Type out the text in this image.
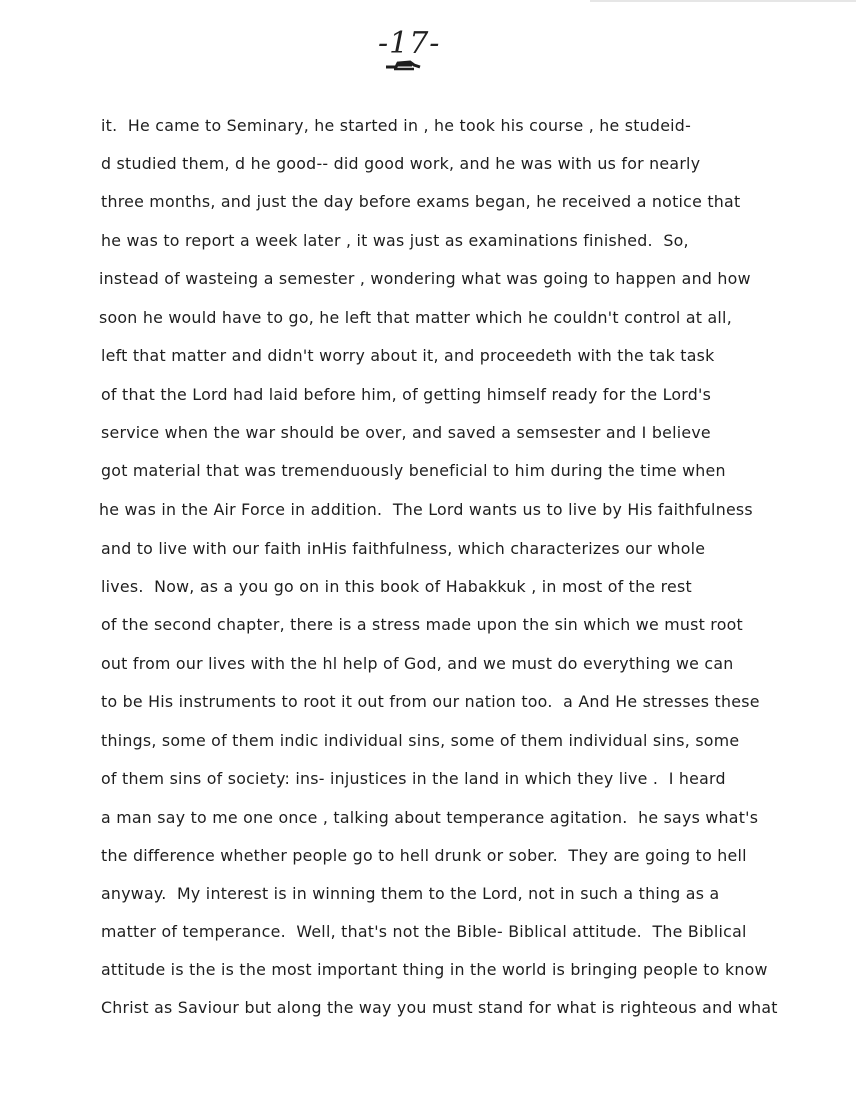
-17-
it.  He came to Seminary, he started in , he took his course , he studeid-
d studied them, d he good-- did good work, and he was with us for nearly
three months, and just the day before exams began, he received a notice that
he was to report a week later , it was just as examinations finished.  So,
instead of wasteing a semester , wondering what was going to happen and how
soon he would have to go, he left that matter which he couldn't control at all,
left that matter and didn't worry about it, and proceedeth with the tak task
of that the Lord had laid before him, of getting himself ready for the Lord's
service when the war should be over, and saved a semsester and I believe
got material that was tremenduously beneficial to him during the time when
he was in the Air Force in addition.  The Lord wants us to live by His faithfulness
and to live with our faith inHis faithfulness, which characterizes our whole
lives.  Now, as a you go on in this book of Habakkuk , in most of the rest
of the second chapter, there is a stress made upon the sin which we must root
out from our lives with the hl help of God, and we must do everything we can
to be His instruments to root it out from our nation too.  a And He stresses these
things, some of them indic individual sins, some of them individual sins, some
of them sins of society: ins- injustices in the land in which they live .  I heard
a man say to me one once , talking about temperance agitation.  he says what's
the difference whether people go to hell drunk or sober.  They are going to hell
anyway.  My interest is in winning them to the Lord, not in such a thing as a
matter of temperance.  Well, that's not the Bible- Biblical attitude.  The Biblical
attitude is the is the most important thing in the world is bringing people to know
Christ as Saviour but along the way you must stand for what is righteous and what
